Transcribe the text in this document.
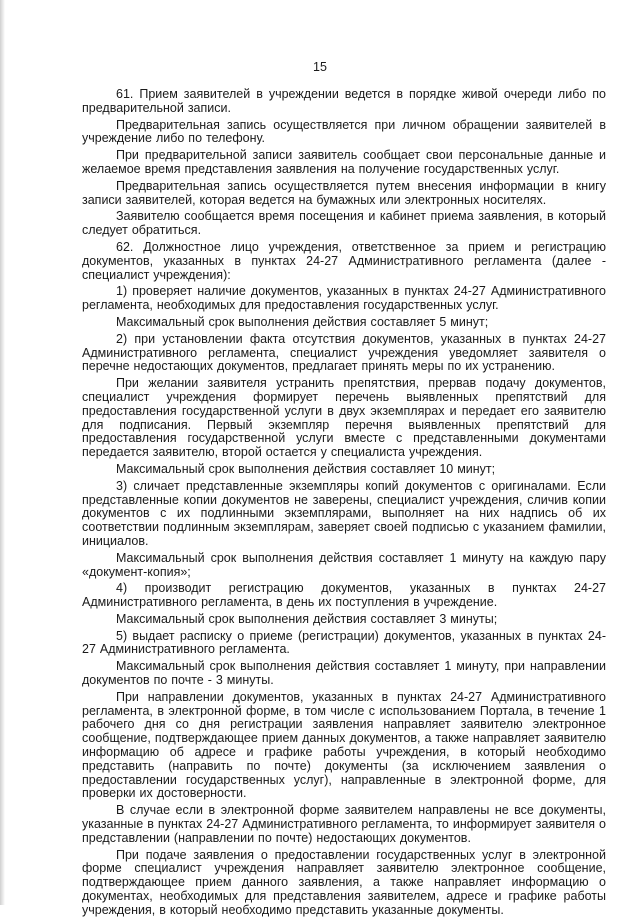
15

61. Прием заявителей в учреждении ведется в порядке живой очереди либо по предварительной записи.

Предварительная запись осуществляется при личном обращении заявителей в учреждение либо по телефону.

При предварительной записи заявитель сообщает свои персональные данные и желаемое время представления заявления на получение государственных услуг.

Предварительная запись осуществляется путем внесения информации в книгу записи заявителей, которая ведется на бумажных или электронных носителях.

Заявителю сообщается время посещения и кабинет приема заявления, в который следует обратиться.

62. Должностное лицо учреждения, ответственное за прием и регистрацию документов, указанных в пунктах 24-27 Административного регламента (далее - специалист учреждения):

1) проверяет наличие документов, указанных в пунктах 24-27 Административного регламента, необходимых для предоставления государственных услуг.

Максимальный срок выполнения действия составляет 5 минут;

2) при установлении факта отсутствия документов, указанных в пунктах 24-27 Административного регламента, специалист учреждения уведомляет заявителя о перечне недостающих документов, предлагает принять меры по их устранению.

При желании заявителя устранить препятствия, прервав подачу документов, специалист учреждения формирует перечень выявленных препятствий для предоставления государственной услуги в двух экземплярах и передает его заявителю для подписания. Первый экземпляр перечня выявленных препятствий для предоставления государственной услуги вместе с представленными документами передается заявителю, второй остается у специалиста учреждения.

Максимальный срок выполнения действия составляет 10 минут;

3) сличает представленные экземпляры копий документов с оригиналами. Если представленные копии документов не заверены, специалист учреждения, сличив копии документов с их подлинными экземплярами, выполняет на них надпись об их соответствии подлинным экземплярам, заверяет своей подписью с указанием фамилии, инициалов.

Максимальный срок выполнения действия составляет 1 минуту на каждую пару «документ-копия»;

4) производит регистрацию документов, указанных в пунктах 24-27 Административного регламента, в день их поступления в учреждение.

Максимальный срок выполнения действия составляет 3 минуты;

5) выдает расписку о приеме (регистрации) документов, указанных в пунктах 24-27 Административного регламента.

Максимальный срок выполнения действия составляет 1 минуту, при направлении документов по почте - 3 минуты.

При направлении документов, указанных в пунктах 24-27 Административного регламента, в электронной форме, в том числе с использованием Портала, в течение 1 рабочего дня со дня регистрации заявления направляет заявителю электронное сообщение, подтверждающее прием данных документов, а также направляет заявителю информацию об адресе и графике работы учреждения, в который необходимо представить (направить по почте) документы (за исключением заявления о предоставлении государственных услуг), направленные в электронной форме, для проверки их достоверности.

В случае если в электронной форме заявителем направлены не все документы, указанные в пунктах 24-27 Административного регламента, то информирует заявителя о представлении (направлении по почте) недостающих документов.

При подаче заявления о предоставлении государственных услуг в электронной форме специалист учреждения направляет заявителю электронное сообщение, подтверждающее прием данного заявления, а также направляет информацию о документах, необходимых для представления заявителем, адресе и графике работы учреждения, в который необходимо представить указанные документы.
